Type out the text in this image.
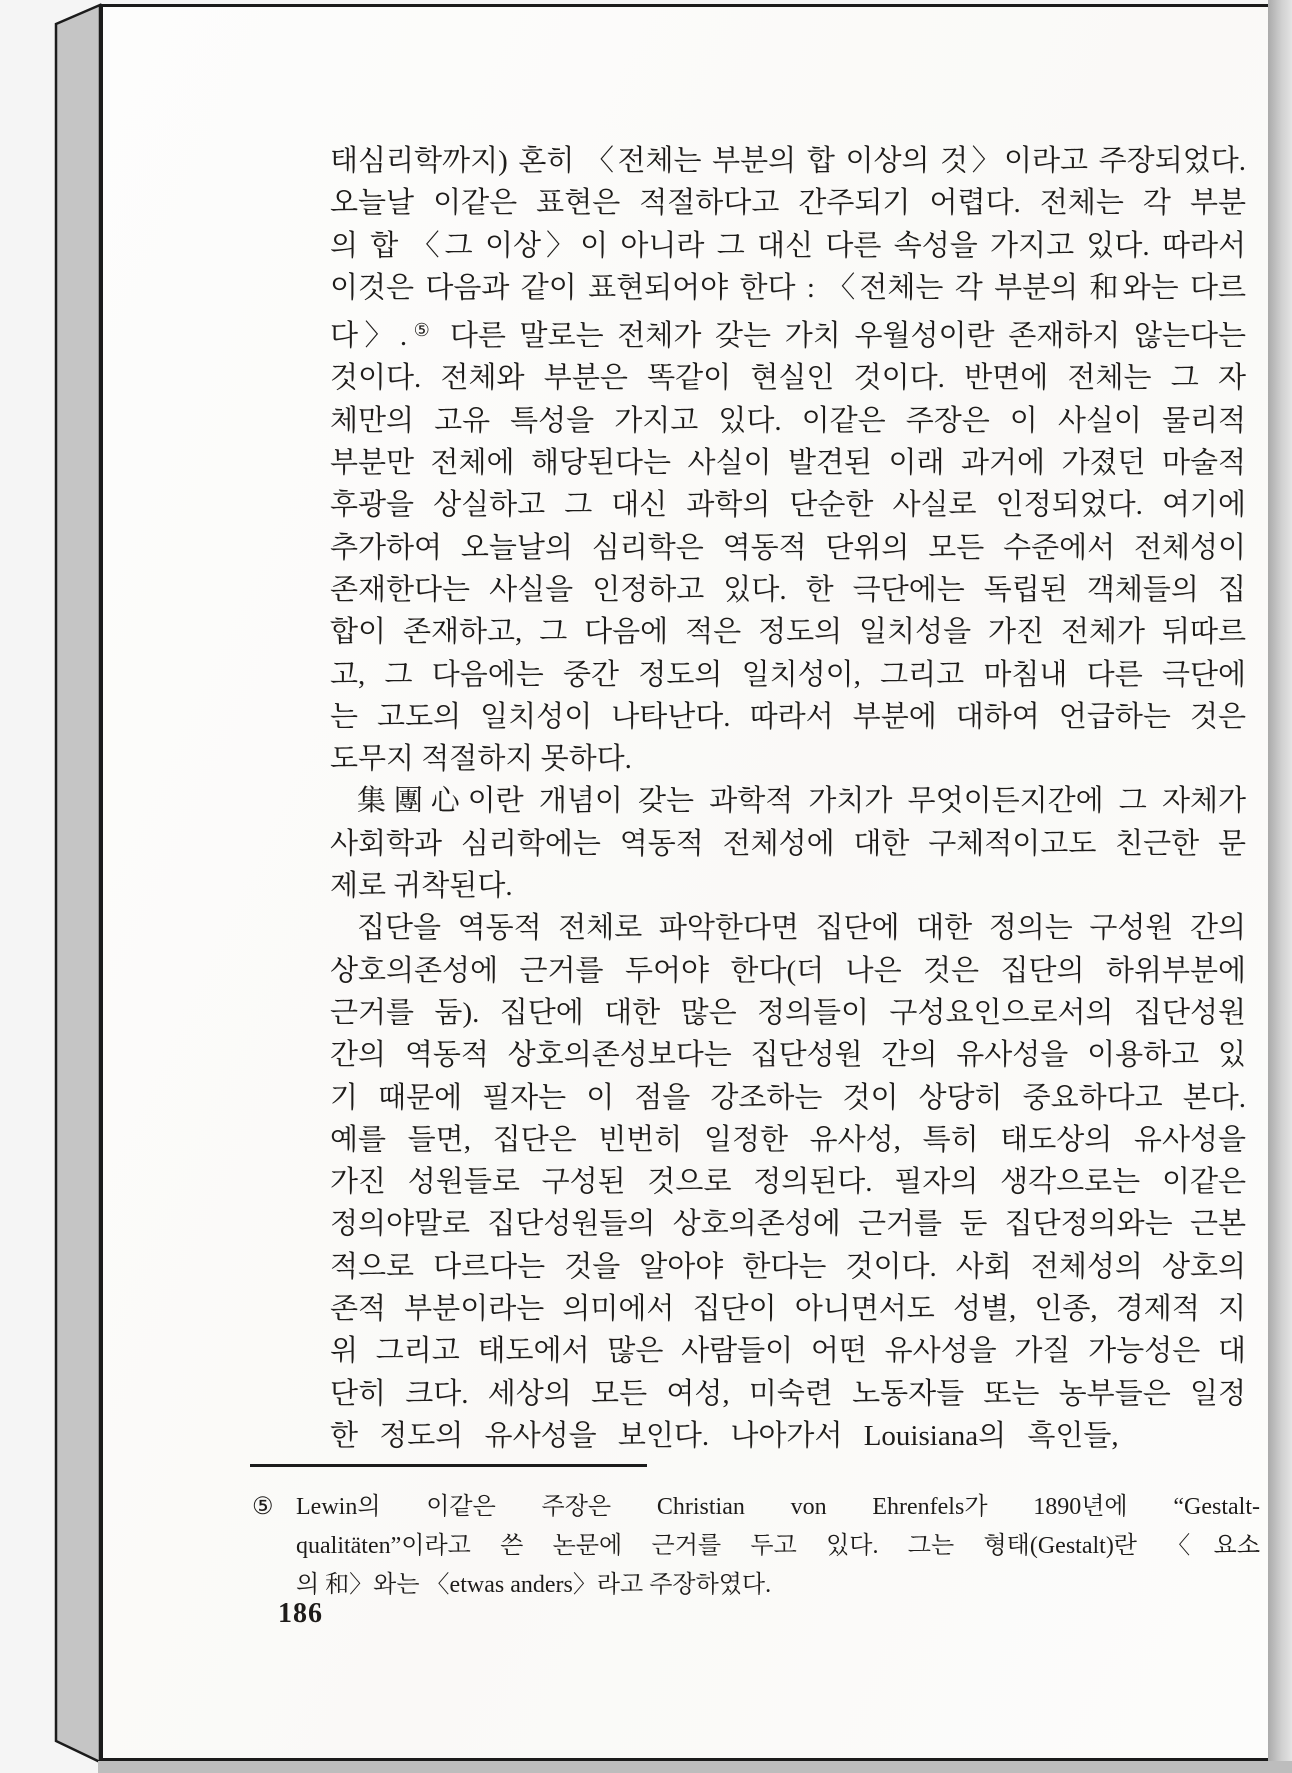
태심리학까지) 혼히 〈전체는 부분의 합 이상의 것〉이라고 주장되었다.
오늘날 이같은 표현은 적절하다고 간주되기 어렵다. 전체는 각 부분
의 합 〈그 이상〉이 아니라 그 대신 다른 속성을 가지고 있다. 따라서
이것은 다음과 같이 표현되어야 한다 : 〈전체는 각 부분의 和와는 다르
다〉.⑤ 다른 말로는 전체가 갖는 가치 우월성이란 존재하지 않는다는
것이다. 전체와 부분은 똑같이 현실인 것이다. 반면에 전체는 그 자
체만의 고유 특성을 가지고 있다. 이같은 주장은 이 사실이 물리적
부분만 전체에 해당된다는 사실이 발견된 이래 과거에 가졌던 마술적
후광을 상실하고 그 대신 과학의 단순한 사실로 인정되었다. 여기에
추가하여 오늘날의 심리학은 역동적 단위의 모든 수준에서 전체성이
존재한다는 사실을 인정하고 있다. 한 극단에는 독립된 객체들의 집
합이 존재하고, 그 다음에 적은 정도의 일치성을 가진 전체가 뒤따르
고, 그 다음에는 중간 정도의 일치성이, 그리고 마침내 다른 극단에
는 고도의 일치성이 나타난다. 따라서 부분에 대하여 언급하는 것은
도무지 적절하지 못하다.
集團心이란 개념이 갖는 과학적 가치가 무엇이든지간에 그 자체가
사회학과 심리학에는 역동적 전체성에 대한 구체적이고도 친근한 문
제로 귀착된다.
집단을 역동적 전체로 파악한다면 집단에 대한 정의는 구성원 간의
상호의존성에 근거를 두어야 한다(더 나은 것은 집단의 하위부분에
근거를 둠). 집단에 대한 많은 정의들이 구성요인으로서의 집단성원
간의 역동적 상호의존성보다는 집단성원 간의 유사성을 이용하고 있
기 때문에 필자는 이 점을 강조하는 것이 상당히 중요하다고 본다.
예를 들면, 집단은 빈번히 일정한 유사성, 특히 태도상의 유사성을
가진 성원들로 구성된 것으로 정의된다. 필자의 생각으로는 이같은
정의야말로 집단성원들의 상호의존성에 근거를 둔 집단정의와는 근본
적으로 다르다는 것을 알아야 한다는 것이다. 사회 전체성의 상호의
존적 부분이라는 의미에서 집단이 아니면서도 성별, 인종, 경제적 지
위 그리고 태도에서 많은 사람들이 어떤 유사성을 가질 가능성은 대
단히 크다. 세상의 모든 여성, 미숙련 노동자들 또는 농부들은 일정
한 정도의 유사성을 보인다. 나아가서 Louisiana의 흑인들,
⑤ Lewin의 이같은 주장은 Christian von Ehrenfels가 1890년에 “Gestalt-
qualitäten”이라고 쓴 논문에 근거를 두고 있다. 그는 형태(Gestalt)란 〈요소
의 和〉와는 〈etwas anders〉라고 주장하였다.
186
